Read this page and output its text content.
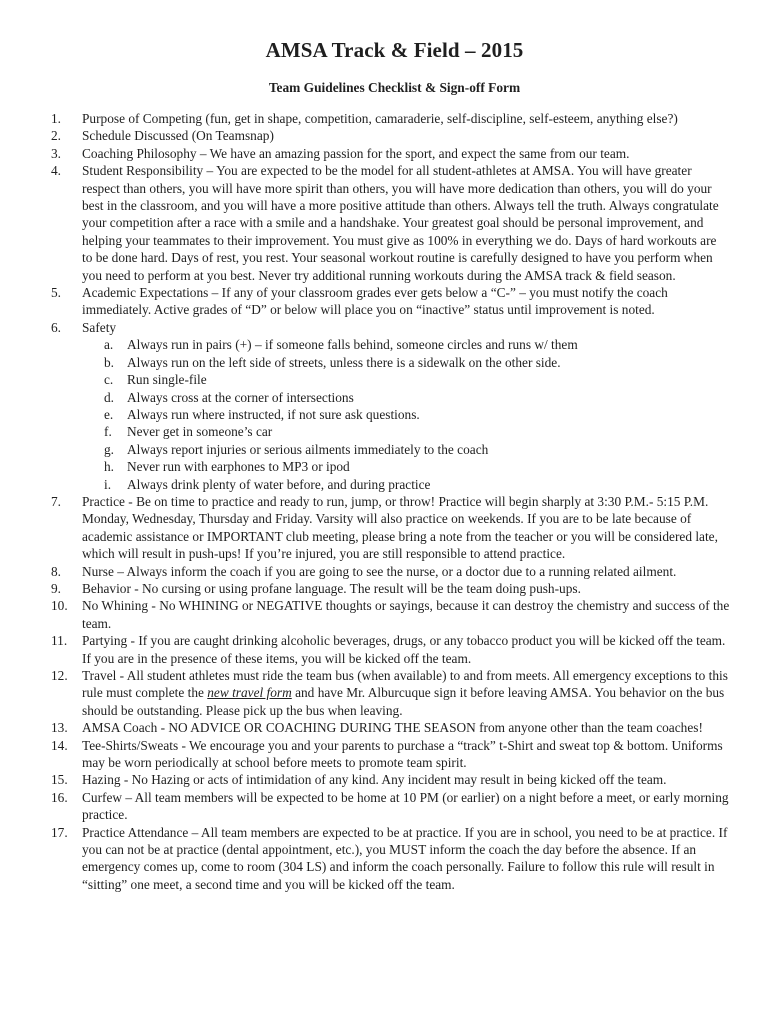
AMSA Track & Field – 2015
Team Guidelines Checklist & Sign-off Form
1.	Purpose of Competing (fun, get in shape, competition, camaraderie, self-discipline, self-esteem, anything else?)
2.	Schedule Discussed (On Teamsnap)
3.	Coaching Philosophy – We have an amazing passion for the sport, and expect the same from our team.
4.	Student Responsibility – You are expected to be the model for all student-athletes at AMSA. You will have greater respect than others, you will have more spirit than others, you will have more dedication than others, you will do your best in the classroom, and you will have a more positive attitude than others. Always tell the truth. Always congratulate your competition after a race with a smile and a handshake. Your greatest goal should be personal improvement, and helping your teammates to their improvement. You must give as 100% in everything we do. Days of hard workouts are to be done hard. Days of rest, you rest. Your seasonal workout routine is carefully designed to have you perform when you need to perform at you best. Never try additional running workouts during the AMSA track & field season.
5.	Academic Expectations – If any of your classroom grades ever gets below a “C-” – you must notify the coach immediately. Active grades of “D” or below will place you on “inactive” status until improvement is noted.
6.	Safety
a.	Always run in pairs (+) – if someone falls behind, someone circles and runs w/ them
b. Always run on the left side of streets, unless there is a sidewalk on the other side.
c.	Run single-file
d. Always cross at the corner of intersections
e.	Always run where instructed, if not sure ask questions.
f.	Never get in someone’s car
g. Always report injuries or serious ailments immediately to the coach
h. Never run with earphones to MP3 or ipod
i.	Always drink plenty of water before, and during practice
7.	Practice - Be on time to practice and ready to run, jump, or throw! Practice will begin sharply at 3:30 P.M.- 5:15 P.M. Monday, Wednesday, Thursday and Friday. Varsity will also practice on weekends. If you are to be late because of academic assistance or IMPORTANT club meeting, please bring a note from the teacher or you will be considered late, which will result in push-ups! If you’re injured, you are still responsible to attend practice.
8.	Nurse – Always inform the coach if you are going to see the nurse, or a doctor due to a running related ailment.
9.	Behavior - No cursing or using profane language. The result will be the team doing push-ups.
10.	No Whining - No WHINING or NEGATIVE thoughts or sayings, because it can destroy the chemistry and success of the team.
11.	Partying - If you are caught drinking alcoholic beverages, drugs, or any tobacco product you will be kicked off the team. If you are in the presence of these items, you will be kicked off the team.
12.	Travel - All student athletes must ride the team bus (when available) to and from meets. All emergency exceptions to this rule must complete the new travel form and have Mr. Alburcuque sign it before leaving AMSA. You behavior on the bus should be outstanding. Please pick up the bus when leaving.
13.	AMSA Coach - NO ADVICE OR COACHING DURING THE SEASON from anyone other than the team coaches!
14.	Tee-Shirts/Sweats - We encourage you and your parents to purchase a “track” t-Shirt and sweat top & bottom. Uniforms may be worn periodically at school before meets to promote team spirit.
15.	Hazing - No Hazing or acts of intimidation of any kind. Any incident may result in being kicked off the team.
16.	Curfew – All team members will be expected to be home at 10 PM (or earlier) on a night before a meet, or early morning practice.
17.	Practice Attendance – All team members are expected to be at practice. If you are in school, you need to be at practice. If you can not be at practice (dental appointment, etc.), you MUST inform the coach the day before the absence. If an emergency comes up, come to room (304 LS) and inform the coach personally. Failure to follow this rule will result in “sitting” one meet, a second time and you will be kicked off the team.
